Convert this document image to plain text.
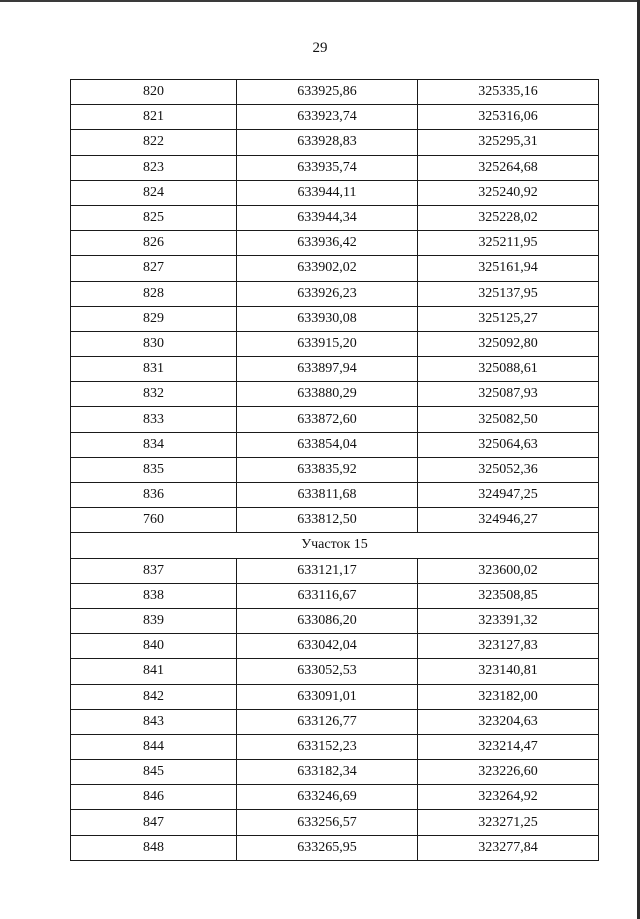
29
820	633925,86	325335,16
821	633923,74	325316,06
822	633928,83	325295,31
823	633935,74	325264,68
824	633944,11	325240,92
825	633944,34	325228,02
826	633936,42	325211,95
827	633902,02	325161,94
828	633926,23	325137,95
829	633930,08	325125,27
830	633915,20	325092,80
831	633897,94	325088,61
832	633880,29	325087,93
833	633872,60	325082,50
834	633854,04	325064,63
835	633835,92	325052,36
836	633811,68	324947,25
760	633812,50	324946,27
Участок 15		
837	633121,17	323600,02
838	633116,67	323508,85
839	633086,20	323391,32
840	633042,04	323127,83
841	633052,53	323140,81
842	633091,01	323182,00
843	633126,77	323204,63
844	633152,23	323214,47
845	633182,34	323226,60
846	633246,69	323264,92
847	633256,57	323271,25
848	633265,95	323277,84
